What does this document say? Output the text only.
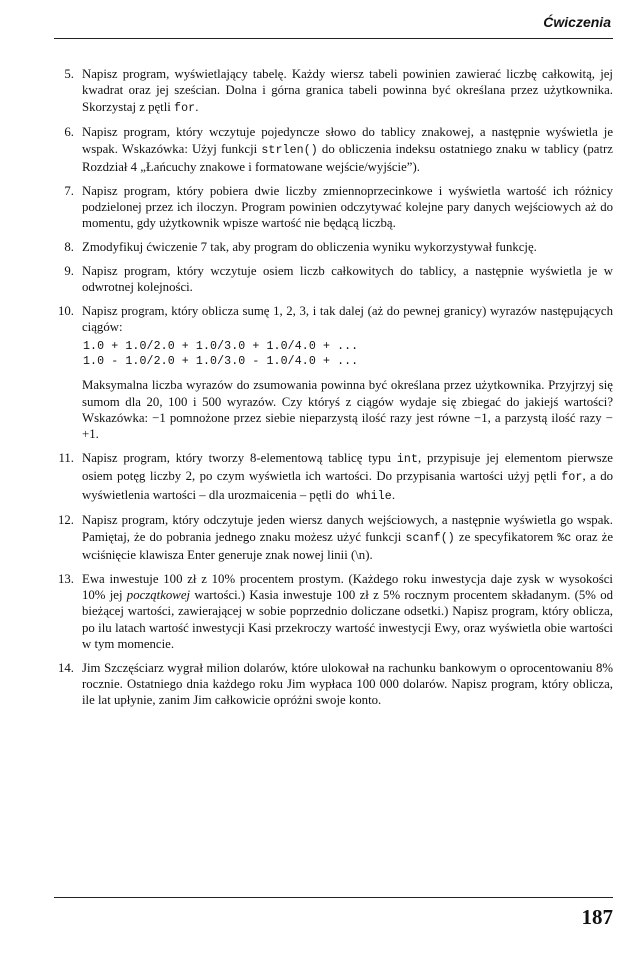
Ćwiczenia
5 . Napisz program, wyświetlający tabelę. Każdy wiersz tabeli powinien zawierać liczbę całkowitą, jej kwadrat oraz jej sześcian. Dolna i górna granica tabeli powinna być określana przez użytkownika. Skorzystaj z pętli for.
6 . Napisz program, który wczytuje pojedyncze słowo do tablicy znakowej, a następnie wyświetla je wspak. Wskazówka: Użyj funkcji strlen() do obliczenia indeksu ostatniego znaku w tablicy (patrz Rozdział 4 „Łańcuchy znakowe i formatowane wejście/wyjście”).
7 . Napisz program, który pobiera dwie liczby zmiennoprzecinkowe i wyświetla wartość ich różnicy podzielonej przez ich iloczyn. Program powinien odczytywać kolejne pary danych wejściowych aż do momentu, gdy użytkownik wpisze wartość nie będącą liczbą.
8 . Zmodyfikuj ćwiczenie 7 tak, aby program do obliczenia wyniku wykorzystywał funkcję.
9 . Napisz program, który wczytuje osiem liczb całkowitych do tablicy, a następnie wyświetla je w odwrotnej kolejności.
10 . Napisz program, który oblicza sumę 1, 2, 3, i tak dalej (aż do pewnej granicy) wyrazów następujących ciągów:

1.0 + 1.0/2.0 + 1.0/3.0 + 1.0/4.0 + ...
1.0 - 1.0/2.0 + 1.0/3.0 - 1.0/4.0 + ...

Maksymalna liczba wyrazów do zsumowania powinna być określana przez użytkownika. Przyjrzyj się sumom dla 20, 100 i 500 wyrazów. Czy któryś z ciągów wydaje się zbiegać do jakiejś wartości? Wskazówka: −1 pomnożone przez siebie nieparzystą ilość razy jest równe −1, a parzystą ilość razy −+1.

11 . Napisz program, który tworzy 8-elementową tablicę typu int, przypisuje jej elementom pierwsze osiem potęg liczby 2, po czym wyświetla ich wartości. Do przypisania wartości użyj pętli for, a do wyświetlenia wartości – dla urozmaicenia – pętli do while.
12 . Napisz program, który odczytuje jeden wiersz danych wejściowych, a następnie wyświetla go wspak. Pamiętaj, że do pobrania jednego znaku możesz użyć funkcji scanf() ze specyfikatorem %c oraz że wciśnięcie klawisza Enter generuje znak nowej linii (\n).
13 . Ewa inwestuje 100 zł z 10% procentem prostym. (Każdego roku inwestycja daje zysk w wysokości 10% jej początkowej wartości.) Kasia inwestuje 100 zł z 5% rocznym procentem składanym. (5% od bieżącej wartości, zawierającej w sobie poprzednio doliczane odsetki.) Napisz program, który oblicza, po ilu latach wartość inwestycji Kasi przekroczy wartość inwestycji Ewy, oraz wyświetla obie wartości w tym momencie.
14 . Jim Szczęściarz wygrał milion dolarów, które ulokował na rachunku bankowym o oprocentowaniu 8% rocznie. Ostatniego dnia każdego roku Jim wypłaca 100 000 dolarów. Napisz program, który oblicza, ile lat upłynie, zanim Jim całkowicie opróżni swoje konto.
187
